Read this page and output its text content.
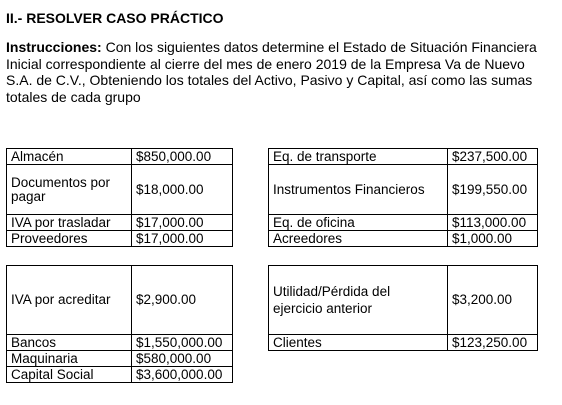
II.- RESOLVER CASO PRÁCTICO
Instrucciones: Con los siguientes datos determine el Estado de Situación Financiera Inicial correspondiente al cierre del mes de enero 2019 de la Empresa Va de Nuevo S.A. de C.V., Obteniendo los totales del Activo, Pasivo y Capital, así como las sumas totales de cada grupo
Almacén	$850,000.00
Documentos por pagar	$18,000.00
IVA por trasladar	$17,000.00
Proveedores	$17,000.00
Eq. de transporte	$237,500.00
Instrumentos Financieros	$199,550.00
Eq. de oficina	$113,000.00
Acreedores	$1,000.00
IVA por acreditar	$2,900.00
Bancos	$1,550,000.00
Maquinaria	$580,000.00
Capital Social	$3,600,000.00
Utilidad/Pérdida del ejercicio anterior	$3,200.00
Clientes	$123,250.00
